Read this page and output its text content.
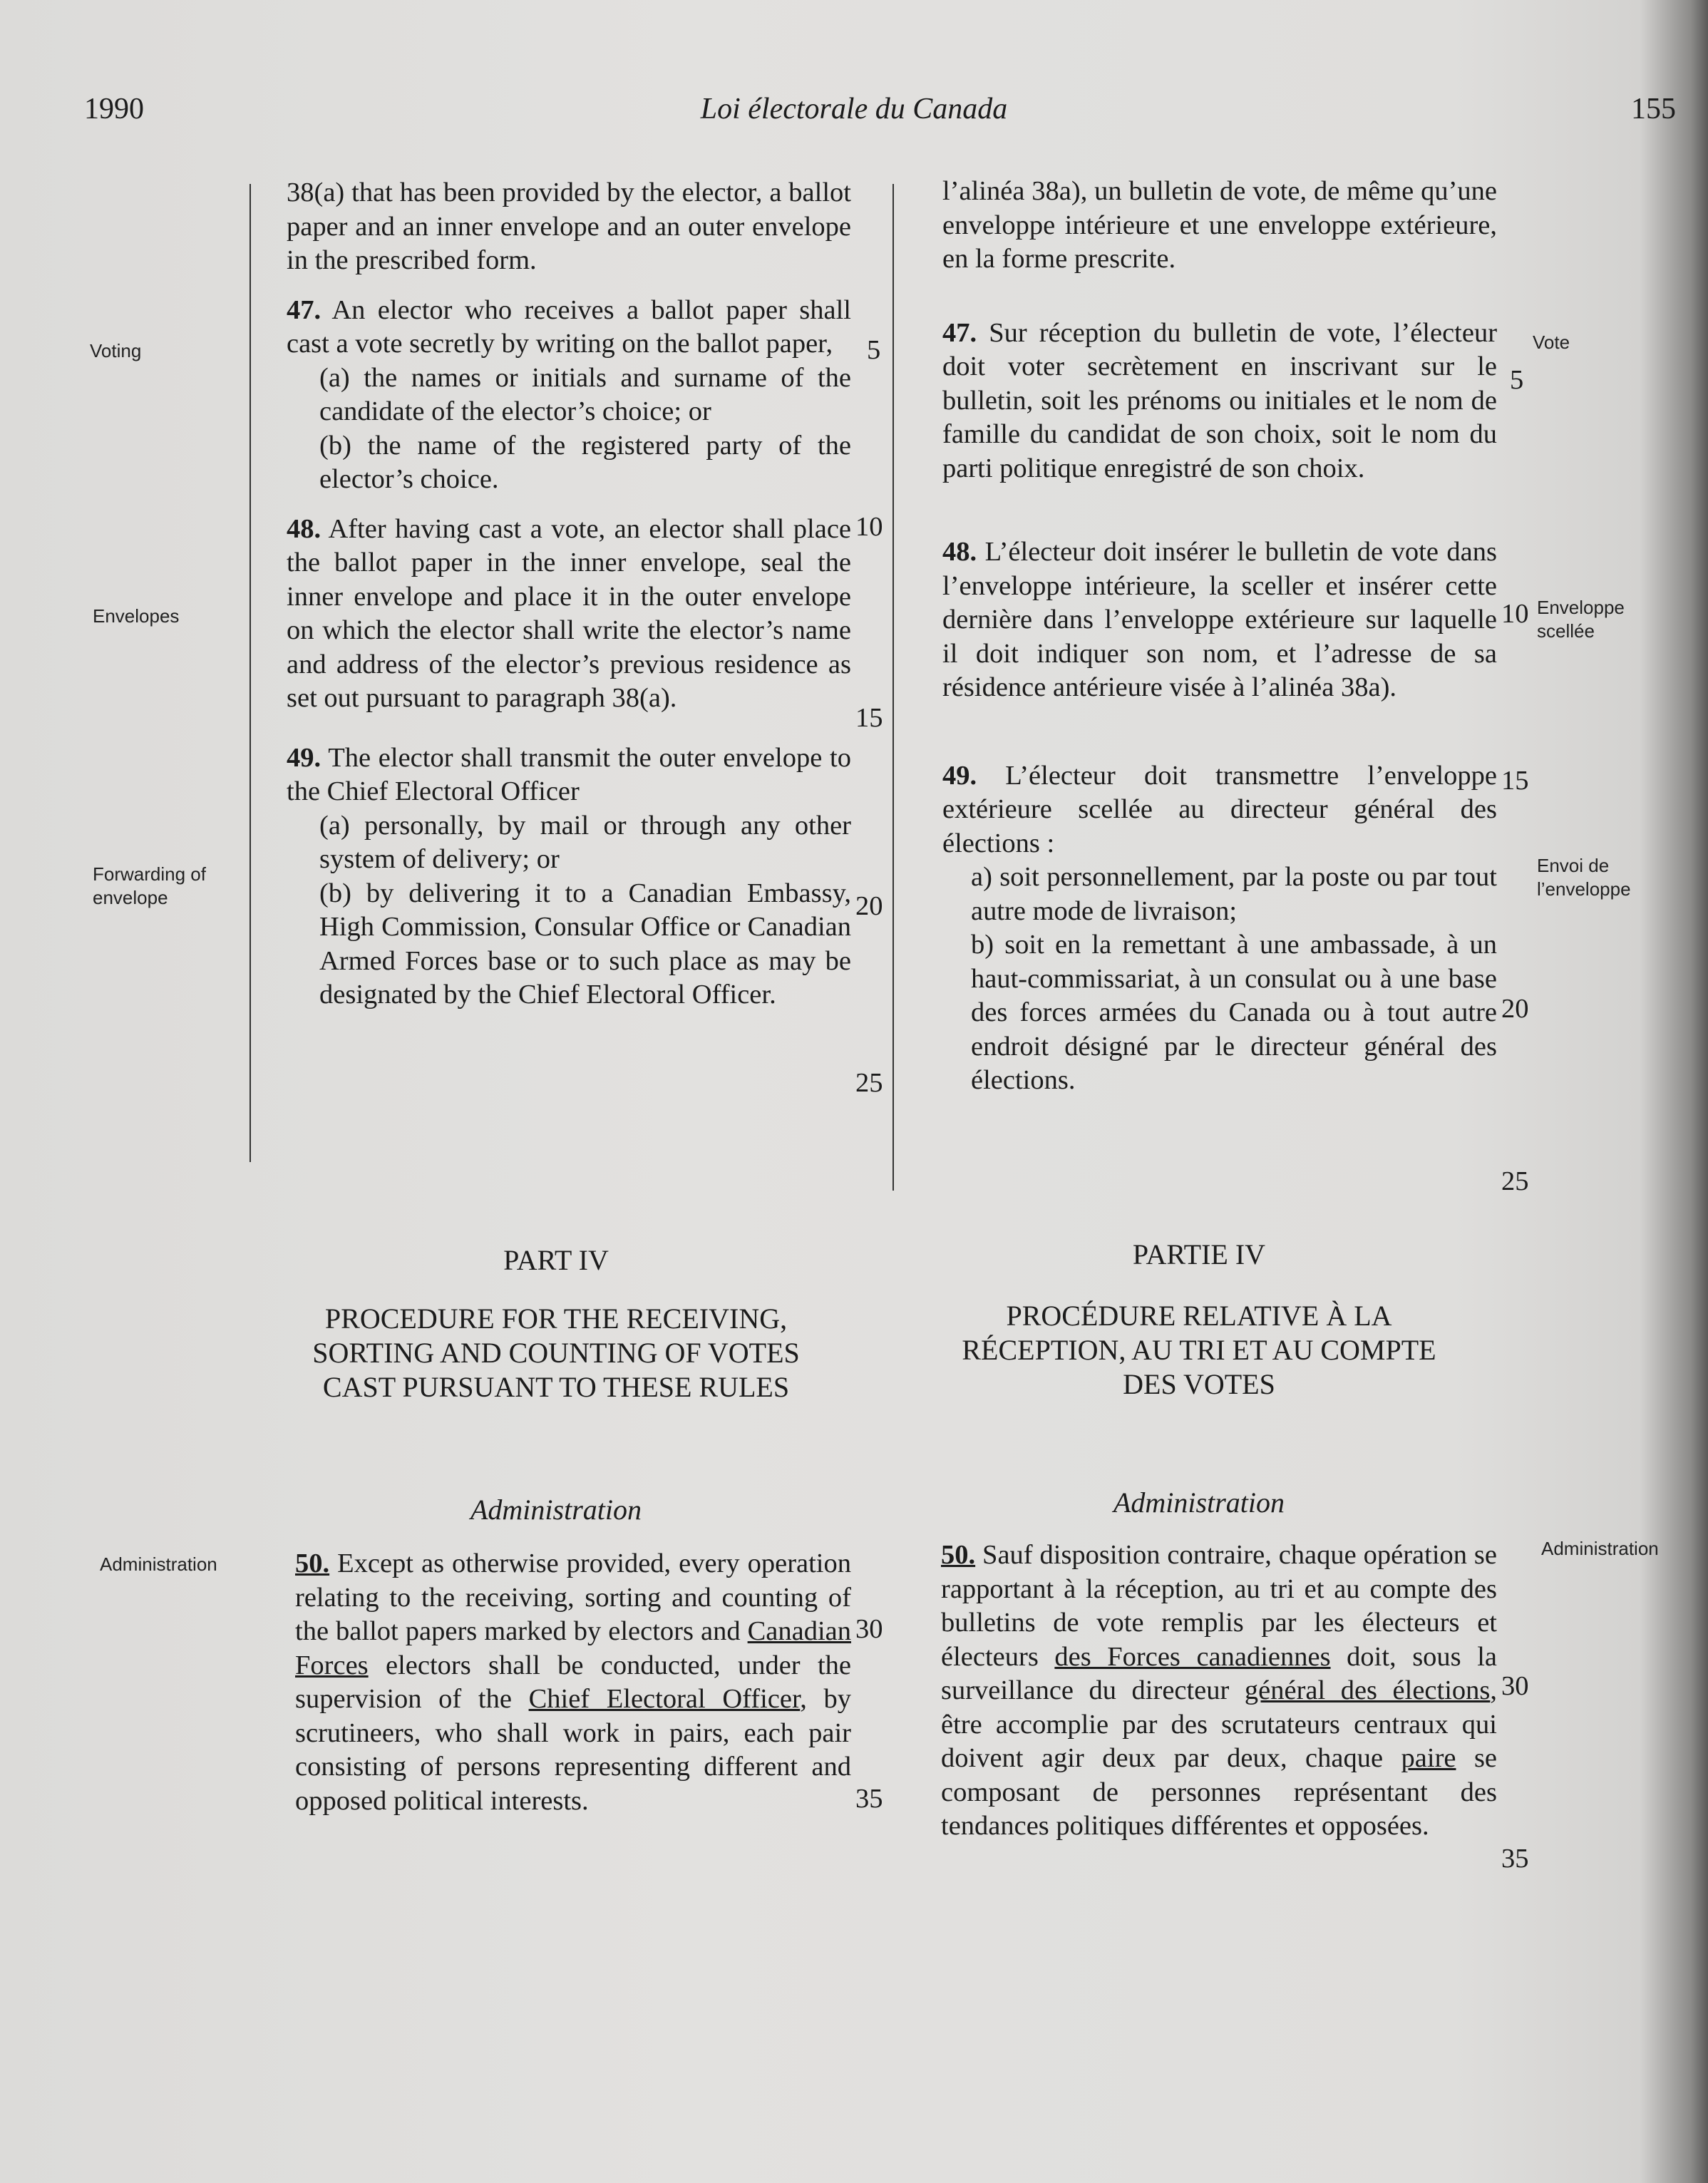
1990	Loi électorale du Canada	155
Voting
Envelopes
Forwarding of envelope
Administration

38(a) that has been provided by the elector, a ballot paper and an inner envelope and an outer envelope in the prescribed form.

47. An elector who receives a ballot paper shall cast a vote secretly by writing on the ballot paper,

(a) the names or initials and surname of the candidate of the elector’s choice; or

(b) the name of the registered party of the elector’s choice.

48. After having cast a vote, an elector shall place the ballot paper in the inner envelope, seal the inner envelope and place it in the outer envelope on which the elector shall write the elector’s name and address of the elector’s previous residence as set out pursuant to paragraph 38(a).

49. The elector shall transmit the outer envelope to the Chief Electoral Officer

(a) personally, by mail or through any other system of delivery; or

(b) by delivering it to a Canadian Embassy, High Commission, Consular Office or Canadian Armed Forces base or to such place as may be designated by the Chief Electoral Officer.

5
10
15
20
25
30
35
PART IV
PROCEDURE FOR THE RECEIVING,
SORTING AND COUNTING OF VOTES
CAST PURSUANT TO THESE RULES
Administration

50. Except as otherwise provided, every operation relating to the receiving, sorting and counting of the ballot papers marked by electors and Canadian Forces electors shall be conducted, under the supervision of the Chief Electoral Officer, by scrutineers, who shall work in pairs, each pair consisting of persons representing different and opposed political interests.

l’alinéa 38a), un bulletin de vote, de même qu’une enveloppe intérieure et une enveloppe extérieure, en la forme prescrite.

47. Sur réception du bulletin de vote, l’électeur doit voter secrètement en inscrivant sur le bulletin, soit les prénoms ou initiales et le nom de famille du candidat de son choix, soit le nom du parti politique enregistré de son choix.

48. L’électeur doit insérer le bulletin de vote dans l’enveloppe intérieure, la sceller et insérer cette dernière dans l’enveloppe extérieure sur laquelle il doit indiquer son nom, et l’adresse de sa résidence antérieure visée à l’alinéa 38a).

49. L’électeur doit transmettre l’enveloppe extérieure scellée au directeur général des élections :

a) soit personnellement, par la poste ou par tout autre mode de livraison;

b) soit en la remettant à une ambassade, à un haut-commissariat, à un consulat ou à une base des forces armées du Canada ou à tout autre endroit désigné par le directeur général des élections.

5
10
15
20
25
30
35
Vote
Enveloppe scellée
Envoi de l’enveloppe
Administration
PARTIE IV
PROCÉDURE RELATIVE À LA
RÉCEPTION, AU TRI ET AU COMPTE
DES VOTES
Administration

50. Sauf disposition contraire, chaque opération se rapportant à la réception, au tri et au compte des bulletins de vote remplis par les électeurs et électeurs des Forces canadiennes doit, sous la surveillance du directeur général des élections, être accomplie par des scrutateurs centraux qui doivent agir deux par deux, chaque paire se composant de personnes représentant des tendances politiques différentes et opposées.
